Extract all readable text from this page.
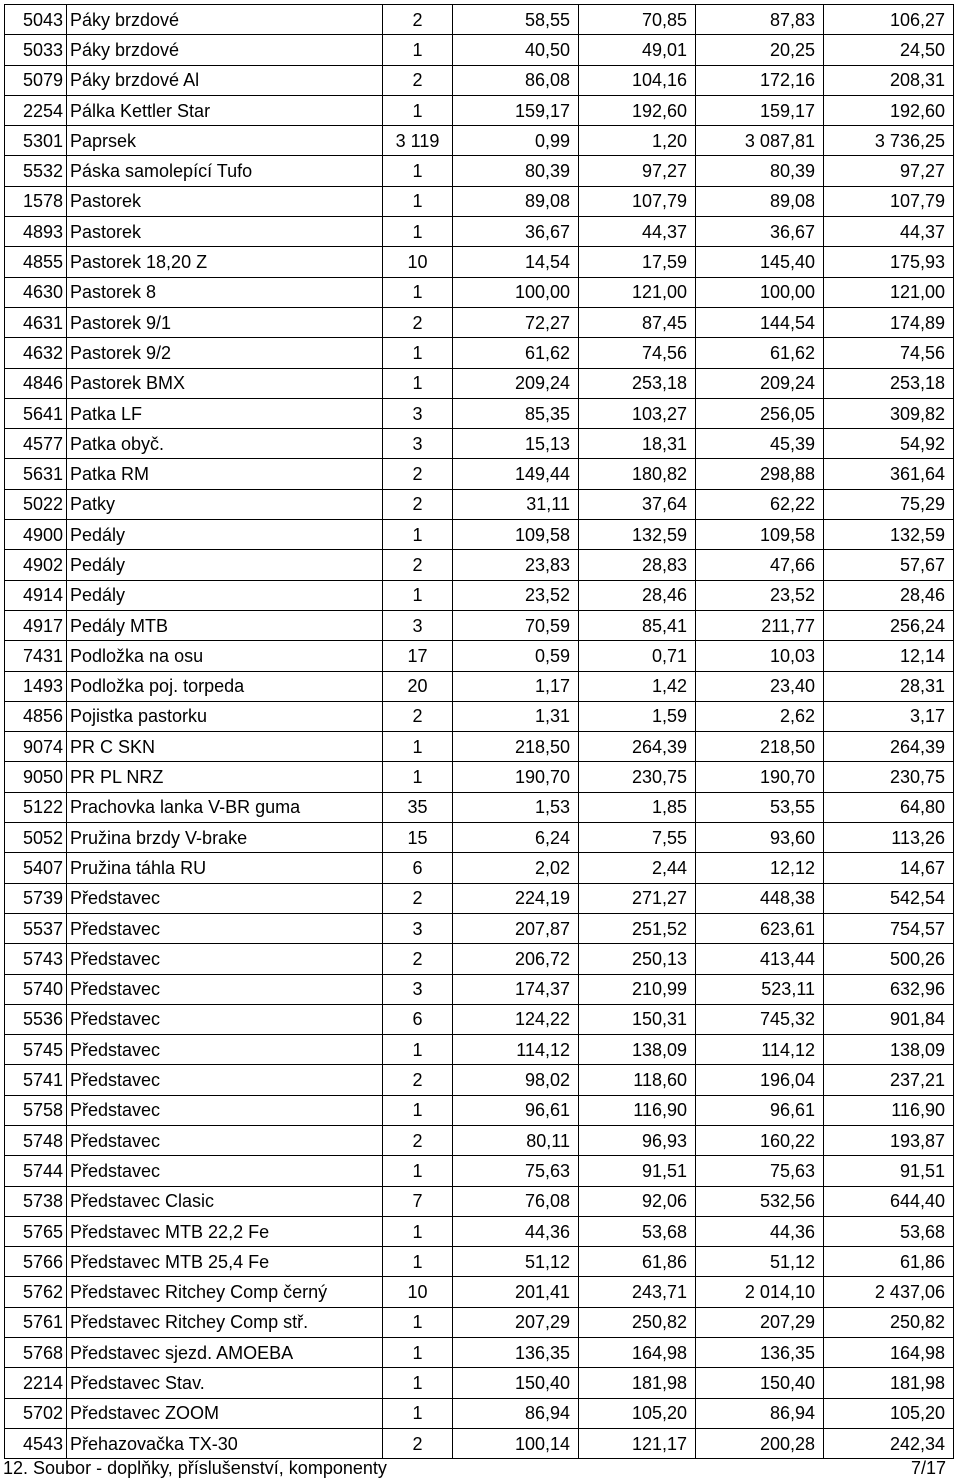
5043	Páky brzdové	2	58,55	70,85	87,83	106,27
5033	Páky brzdové	1	40,50	49,01	20,25	24,50
5079	Páky brzdové Al	2	86,08	104,16	172,16	208,31
2254	Pálka Kettler Star	1	159,17	192,60	159,17	192,60
5301	Paprsek	3 119	0,99	1,20	3 087,81	3 736,25
5532	Páska samolepící Tufo	1	80,39	97,27	80,39	97,27
1578	Pastorek	1	89,08	107,79	89,08	107,79
4893	Pastorek	1	36,67	44,37	36,67	44,37
4855	Pastorek 18,20 Z	10	14,54	17,59	145,40	175,93
4630	Pastorek 8	1	100,00	121,00	100,00	121,00
4631	Pastorek 9/1	2	72,27	87,45	144,54	174,89
4632	Pastorek 9/2	1	61,62	74,56	61,62	74,56
4846	Pastorek BMX	1	209,24	253,18	209,24	253,18
5641	Patka LF	3	85,35	103,27	256,05	309,82
4577	Patka obyč.	3	15,13	18,31	45,39	54,92
5631	Patka RM	2	149,44	180,82	298,88	361,64
5022	Patky	2	31,11	37,64	62,22	75,29
4900	Pedály	1	109,58	132,59	109,58	132,59
4902	Pedály	2	23,83	28,83	47,66	57,67
4914	Pedály	1	23,52	28,46	23,52	28,46
4917	Pedály MTB	3	70,59	85,41	211,77	256,24
7431	Podložka na osu	17	0,59	0,71	10,03	12,14
1493	Podložka poj. torpeda	20	1,17	1,42	23,40	28,31
4856	Pojistka pastorku	2	1,31	1,59	2,62	3,17
9074	PR C SKN	1	218,50	264,39	218,50	264,39
9050	PR PL NRZ	1	190,70	230,75	190,70	230,75
5122	Prachovka lanka V-BR guma	35	1,53	1,85	53,55	64,80
5052	Pružina brzdy V-brake	15	6,24	7,55	93,60	113,26
5407	Pružina táhla RU	6	2,02	2,44	12,12	14,67
5739	Představec	2	224,19	271,27	448,38	542,54
5537	Představec	3	207,87	251,52	623,61	754,57
5743	Představec	2	206,72	250,13	413,44	500,26
5740	Představec	3	174,37	210,99	523,11	632,96
5536	Představec	6	124,22	150,31	745,32	901,84
5745	Představec	1	114,12	138,09	114,12	138,09
5741	Představec	2	98,02	118,60	196,04	237,21
5758	Představec	1	96,61	116,90	96,61	116,90
5748	Představec	2	80,11	96,93	160,22	193,87
5744	Představec	1	75,63	91,51	75,63	91,51
5738	Představec Clasic	7	76,08	92,06	532,56	644,40
5765	Představec MTB 22,2 Fe	1	44,36	53,68	44,36	53,68
5766	Představec MTB 25,4 Fe	1	51,12	61,86	51,12	61,86
5762	Představec Ritchey Comp černý	10	201,41	243,71	2 014,10	2 437,06
5761	Představec Ritchey Comp stř.	1	207,29	250,82	207,29	250,82
5768	Představec sjezd. AMOEBA	1	136,35	164,98	136,35	164,98
2214	Představec Stav.	1	150,40	181,98	150,40	181,98
5702	Představec ZOOM	1	86,94	105,20	86,94	105,20
4543	Přehazovačka TX-30	2	100,14	121,17	200,28	242,34
12. Soubor - doplňky, příslušenství, komponenty	7/17
